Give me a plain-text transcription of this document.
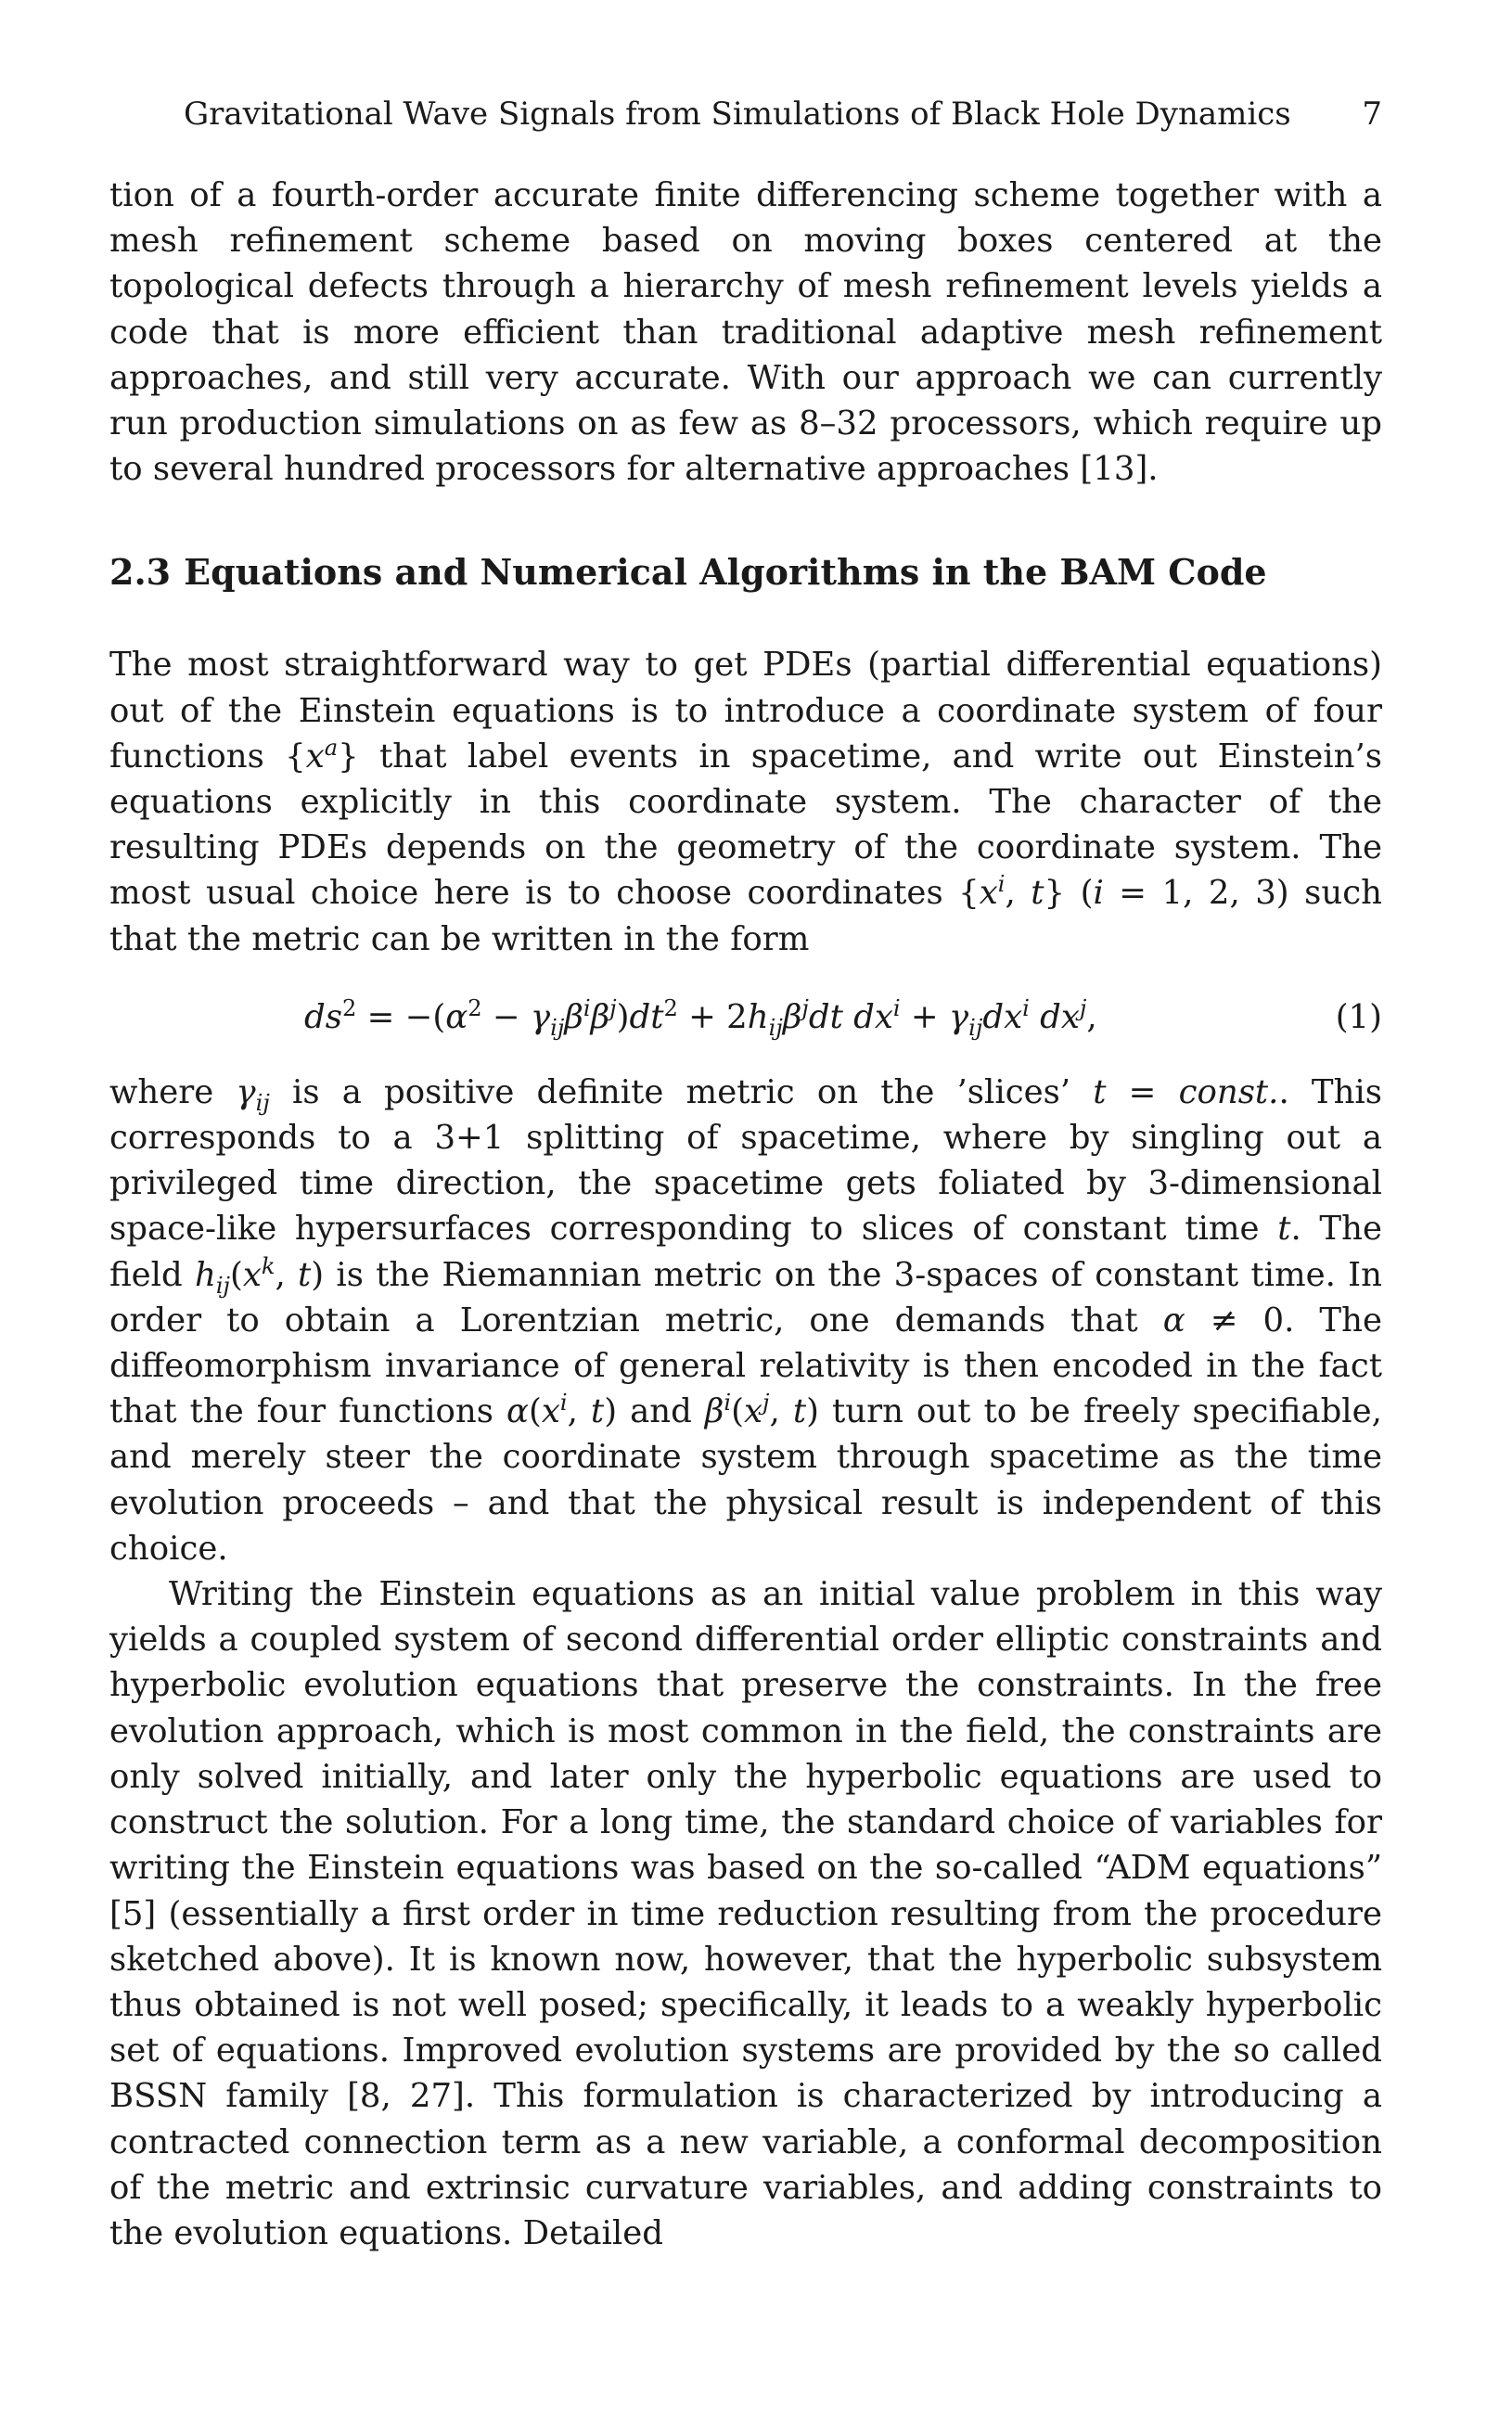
Gravitational Wave Signals from Simulations of Black Hole Dynamics 7

tion of a fourth-order accurate finite differencing scheme together with a mesh refinement scheme based on moving boxes centered at the topological defects through a hierarchy of mesh refinement levels yields a code that is more efficient than traditional adaptive mesh refinement approaches, and still very accurate. With our approach we can currently run production simulations on as few as 8–32 processors, which require up to several hundred processors for alternative approaches [13].

2.3 Equations and Numerical Algorithms in the BAM Code

The most straightforward way to get PDEs (partial differential equations) out of the Einstein equations is to introduce a coordinate system of four functions $\{x^a\}$ that label events in spacetime, and write out Einstein’s equations explicitly in this coordinate system. The character of the resulting PDEs depends on the geometry of the coordinate system. The most usual choice here is to choose coordinates {$x^i$, t} (i = 1, 2, 3) such that the metric can be written in the form

$ds^2 = -(\alpha^2 - \gamma_{ij}\beta^i\beta^j)dt^2 + 2h_{ij}\beta^jdt$ $dx^i + \gamma_{ij}dx^i$ $dx^j$,	(1)

where $\gamma_{ij}$ is a positive definite metric on the ’slices’ t = const.. This corresponds to a 3+1 splitting of spacetime, where by singling out a privileged time direction, the spacetime gets foliated by 3-dimensional space-like hypersurfaces corresponding to slices of constant time t. The field $h_{ij}(x^k$, t) is the Riemannian metric on the 3-spaces of constant time. In order to obtain a Lorentzian metric, one demands that α ≠ 0. The diffeomorphism invariance of general relativity is then encoded in the fact that the four functions $\alpha(x^i$, t) and $\beta^i(x^j$, t) turn out to be freely specifiable, and merely steer the coordinate system through spacetime as the time evolution proceeds – and that the physical result is independent of this choice.

Writing the Einstein equations as an initial value problem in this way yields a coupled system of second differential order elliptic constraints and hyperbolic evolution equations that preserve the constraints. In the free evolution approach, which is most common in the field, the constraints are only solved initially, and later only the hyperbolic equations are used to construct the solution. For a long time, the standard choice of variables for writing the Einstein equations was based on the so-called “ADM equations” [5] (essentially a first order in time reduction resulting from the procedure sketched above). It is known now, however, that the hyperbolic subsystem thus obtained is not well posed; specifically, it leads to a weakly hyperbolic set of equations. Improved evolution systems are provided by the so called BSSN family [8, 27]. This formulation is characterized by introducing a contracted connection term as a new variable, a conformal decomposition of the metric and extrinsic curvature variables, and adding constraints to the evolution equations. Detailed
